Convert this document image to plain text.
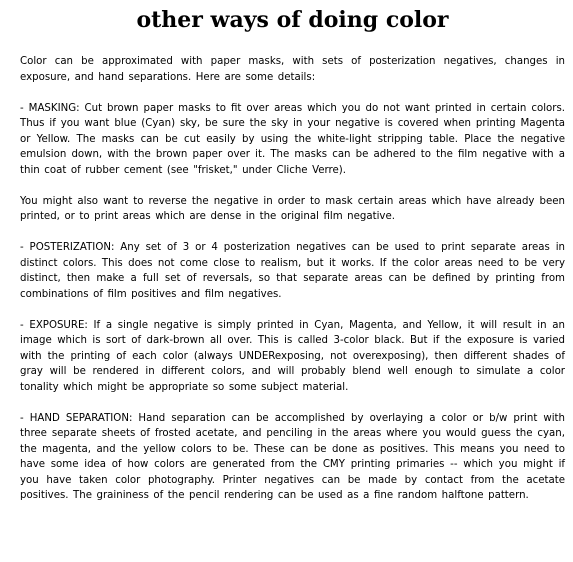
other ways of doing color

Color can be approximated with paper masks, with sets of posterization negatives, changes in exposure, and hand separations. Here are some details:

- MASKING: Cut brown paper masks to fit over areas which you do not want printed in certain colors. Thus if you want blue (Cyan) sky, be sure the sky in your negative is covered when printing Magenta or Yellow. The masks can be cut easily by using the white-light stripping table. Place the negative emulsion down, with the brown paper over it. The masks can be adhered to the film negative with a thin coat of rubber cement (see "frisket," under Cliche Verre).

You might also want to reverse the negative in order to mask certain areas which have already been printed, or to print areas which are dense in the original film negative.

- POSTERIZATION: Any set of 3 or 4 posterization negatives can be used to print separate areas in distinct colors. This does not come close to realism, but it works. If the color areas need to be very distinct, then make a full set of reversals, so that separate areas can be defined by printing from combinations of film positives and film negatives.

- EXPOSURE: If a single negative is simply printed in Cyan, Magenta, and Yellow, it will result in an image which is sort of dark-brown all over. This is called 3-color black. But if the exposure is varied with the printing of each color (always UNDERexposing, not overexposing), then different shades of gray will be rendered in different colors, and will probably blend well enough to simulate a color tonality which might be appropriate so some subject material.

- HAND SEPARATION: Hand separation can be accomplished by overlaying a color or b/w print with three separate sheets of frosted acetate, and penciling in the areas where you would guess the cyan, the magenta, and the yellow colors to be. These can be done as positives. This means you need to have some idea of how colors are generated from the CMY printing primaries -- which you might if you have taken color photography. Printer negatives can be made by contact from the acetate positives. The graininess of the pencil rendering can be used as a fine random halftone pattern.
